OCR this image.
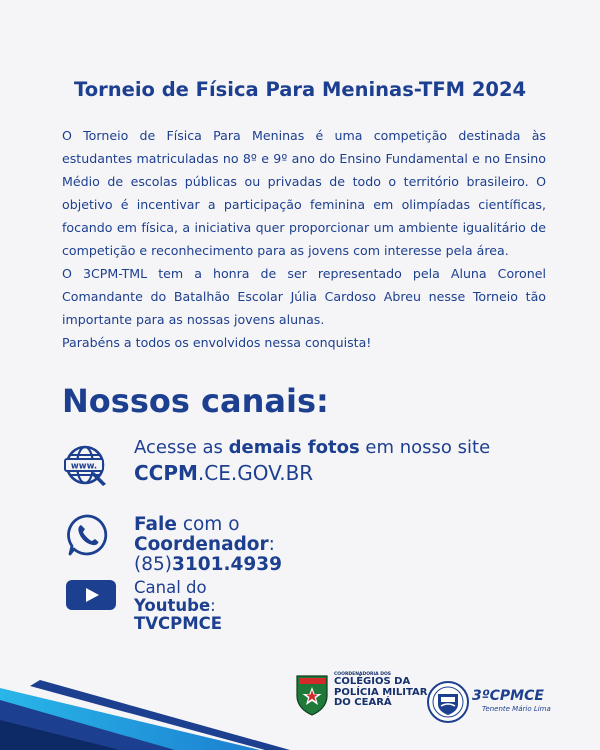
Torneio de Física Para Meninas-TFM 2024

O Torneio de Física Para Meninas é uma competição destinada às estudantes matriculadas no 8º e 9º ano do Ensino Fundamental e no Ensino Médio de escolas públicas ou privadas de todo o território brasileiro. O objetivo é incentivar a participação feminina em olimpíadas científicas, focando em física, a iniciativa quer proporcionar um ambiente igualitário de competição e reconhecimento para as jovens com interesse pela área.

O 3CPM-TML tem a honra de ser representado pela Aluna Coronel Comandante do Batalhão Escolar Júlia Cardoso Abreu nesse Torneio tão importante para as nossas jovens alunas.

Parabéns a todos os envolvidos nessa conquista!

Nossos canais:
www.
Acesse as demais fotos em nosso site
CCPM.CE.GOV.BR
Fale com o
Coordenador:
(85)3101.4939
Canal do
Youtube:
TVCPMCE
COORDENADORIA DOS
COLÉGIOS DA
POLÍCIA MILITAR
DO CEARÁ	3ºCPMCE
Tenente Mário Lima
